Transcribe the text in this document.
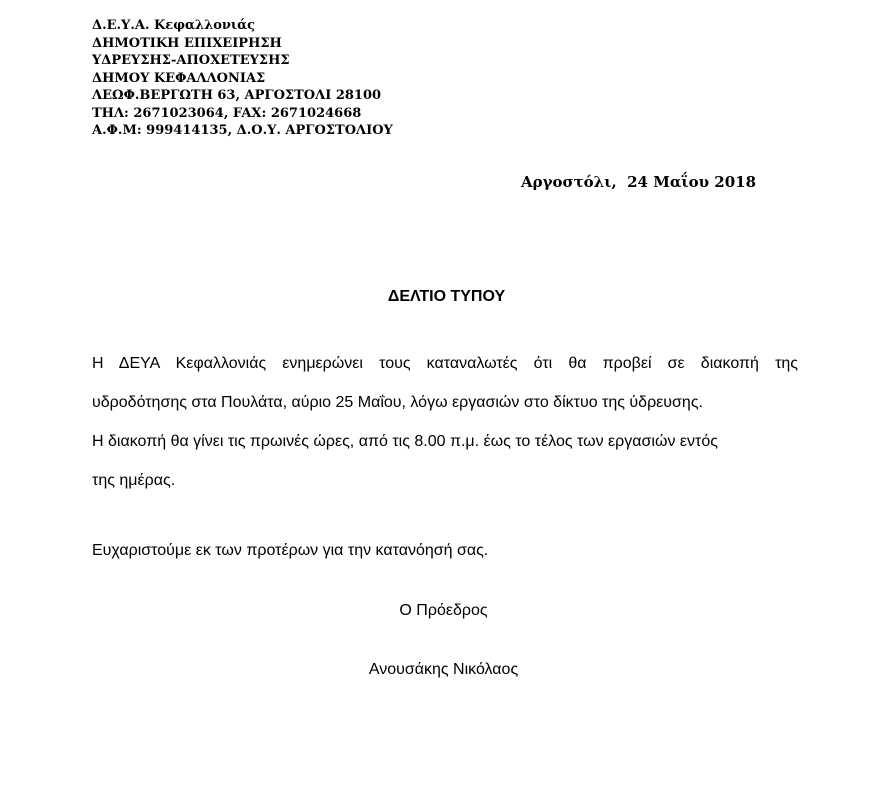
Δ.Ε.Υ.Α. Κεφαλλονιάς
ΔΗΜΟΤΙΚΗ ΕΠΙΧΕΙΡΗΣΗ
ΥΔΡΕΥΣΗΣ-ΑΠΟΧΕΤΕΥΣΗΣ
ΔΗΜΟΥ ΚΕΦΑΛΛΟΝΙΑΣ
ΛΕΩΦ.ΒΕΡΓΩΤΗ 63, ΑΡΓΟΣΤΟΛΙ 28100
ΤΗΛ: 2671023064, FAX: 2671024668
Α.Φ.Μ: 999414135, Δ.Ο.Υ. ΑΡΓΟΣΤΟΛΙΟΥ
Αργοστόλι,  24 Μαΐου 2018
ΔΕΛΤΙΟ ΤΥΠΟΥ
Η ΔΕΥΑ Κεφαλλονιάς ενημερώνει τους καταναλωτές ότι θα προβεί σε διακοπή της
υδροδότησης στα Πουλάτα, αύριο 25 Μαΐου, λόγω εργασιών στο δίκτυο της ύδρευσης.
Η διακοπή θα γίνει τις πρωινές ώρες, από τις 8.00 π.μ. έως το τέλος των εργασιών εντός
της ημέρας.
Ευχαριστούμε εκ των προτέρων για την κατανόησή σας.
Ο Πρόεδρος
Ανουσάκης Νικόλαος
